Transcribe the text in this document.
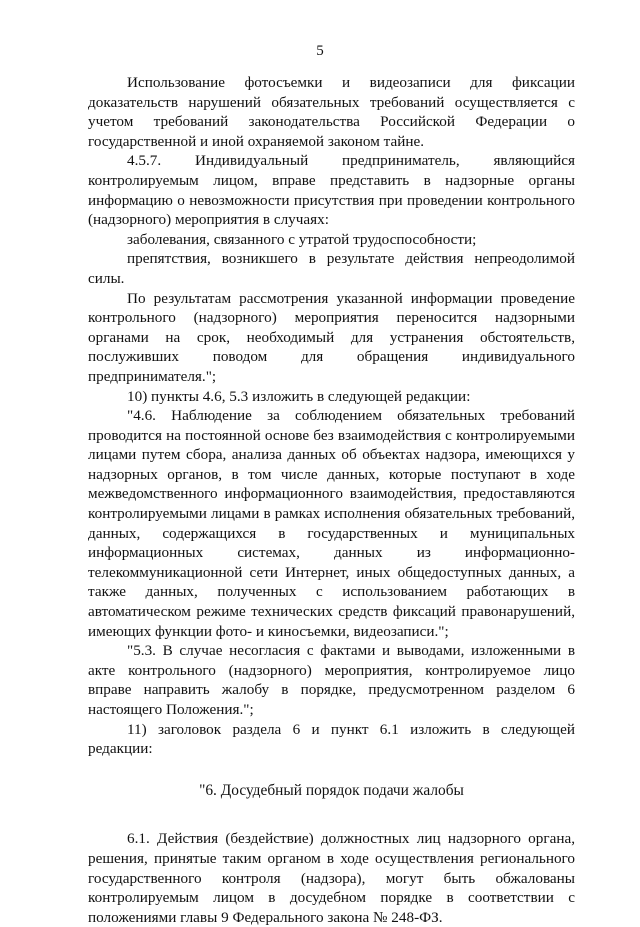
5

Использование фотосъемки и видеозаписи для фиксации доказательств нарушений обязательных требований осуществляется с учетом требований законодательства Российской Федерации о государственной и иной охраняемой законом тайне.

4.5.7. Индивидуальный предприниматель, являющийся контролируемым лицом, вправе представить в надзорные органы информацию о невозможности присутствия при проведении контрольного (надзорного) мероприятия в случаях:

заболевания, связанного с утратой трудоспособности;

препятствия, возникшего в результате действия непреодолимой силы.

По результатам рассмотрения указанной информации проведение контрольного (надзорного) мероприятия переносится надзорными органами на срок, необходимый для устранения обстоятельств, послуживших поводом для обращения индивидуального предпринимателя.";

10) пункты 4.6, 5.3 изложить в следующей редакции:

"4.6. Наблюдение за соблюдением обязательных требований проводится на постоянной основе без взаимодействия с контролируемыми лицами путем сбора, анализа данных об объектах надзора, имеющихся у надзорных органов, в том числе данных, которые поступают в ходе межведомственного информационного взаимодействия, предоставляются контролируемыми лицами в рамках исполнения обязательных требований, данных, содержащихся в государственных и муниципальных информационных системах, данных из информационно-телекоммуникационной сети Интернет, иных общедоступных данных, а также данных, полученных с использованием работающих в автоматическом режиме технических средств фиксаций правонарушений, имеющих функции фото- и киносъемки, видеозаписи.";

"5.3. В случае несогласия с фактами и выводами, изложенными в акте контрольного (надзорного) мероприятия, контролируемое лицо вправе направить жалобу в порядке, предусмотренном разделом 6 настоящего Положения.";

11) заголовок раздела 6 и пункт 6.1 изложить в следующей редакции:

"6. Досудебный порядок подачи жалобы

6.1. Действия (бездействие) должностных лиц надзорного органа, решения, принятые таким органом в ходе осуществления регионального государственного контроля (надзора), могут быть обжалованы контролируемым лицом в досудебном порядке в соответствии с положениями главы 9 Федерального закона № 248-ФЗ.
